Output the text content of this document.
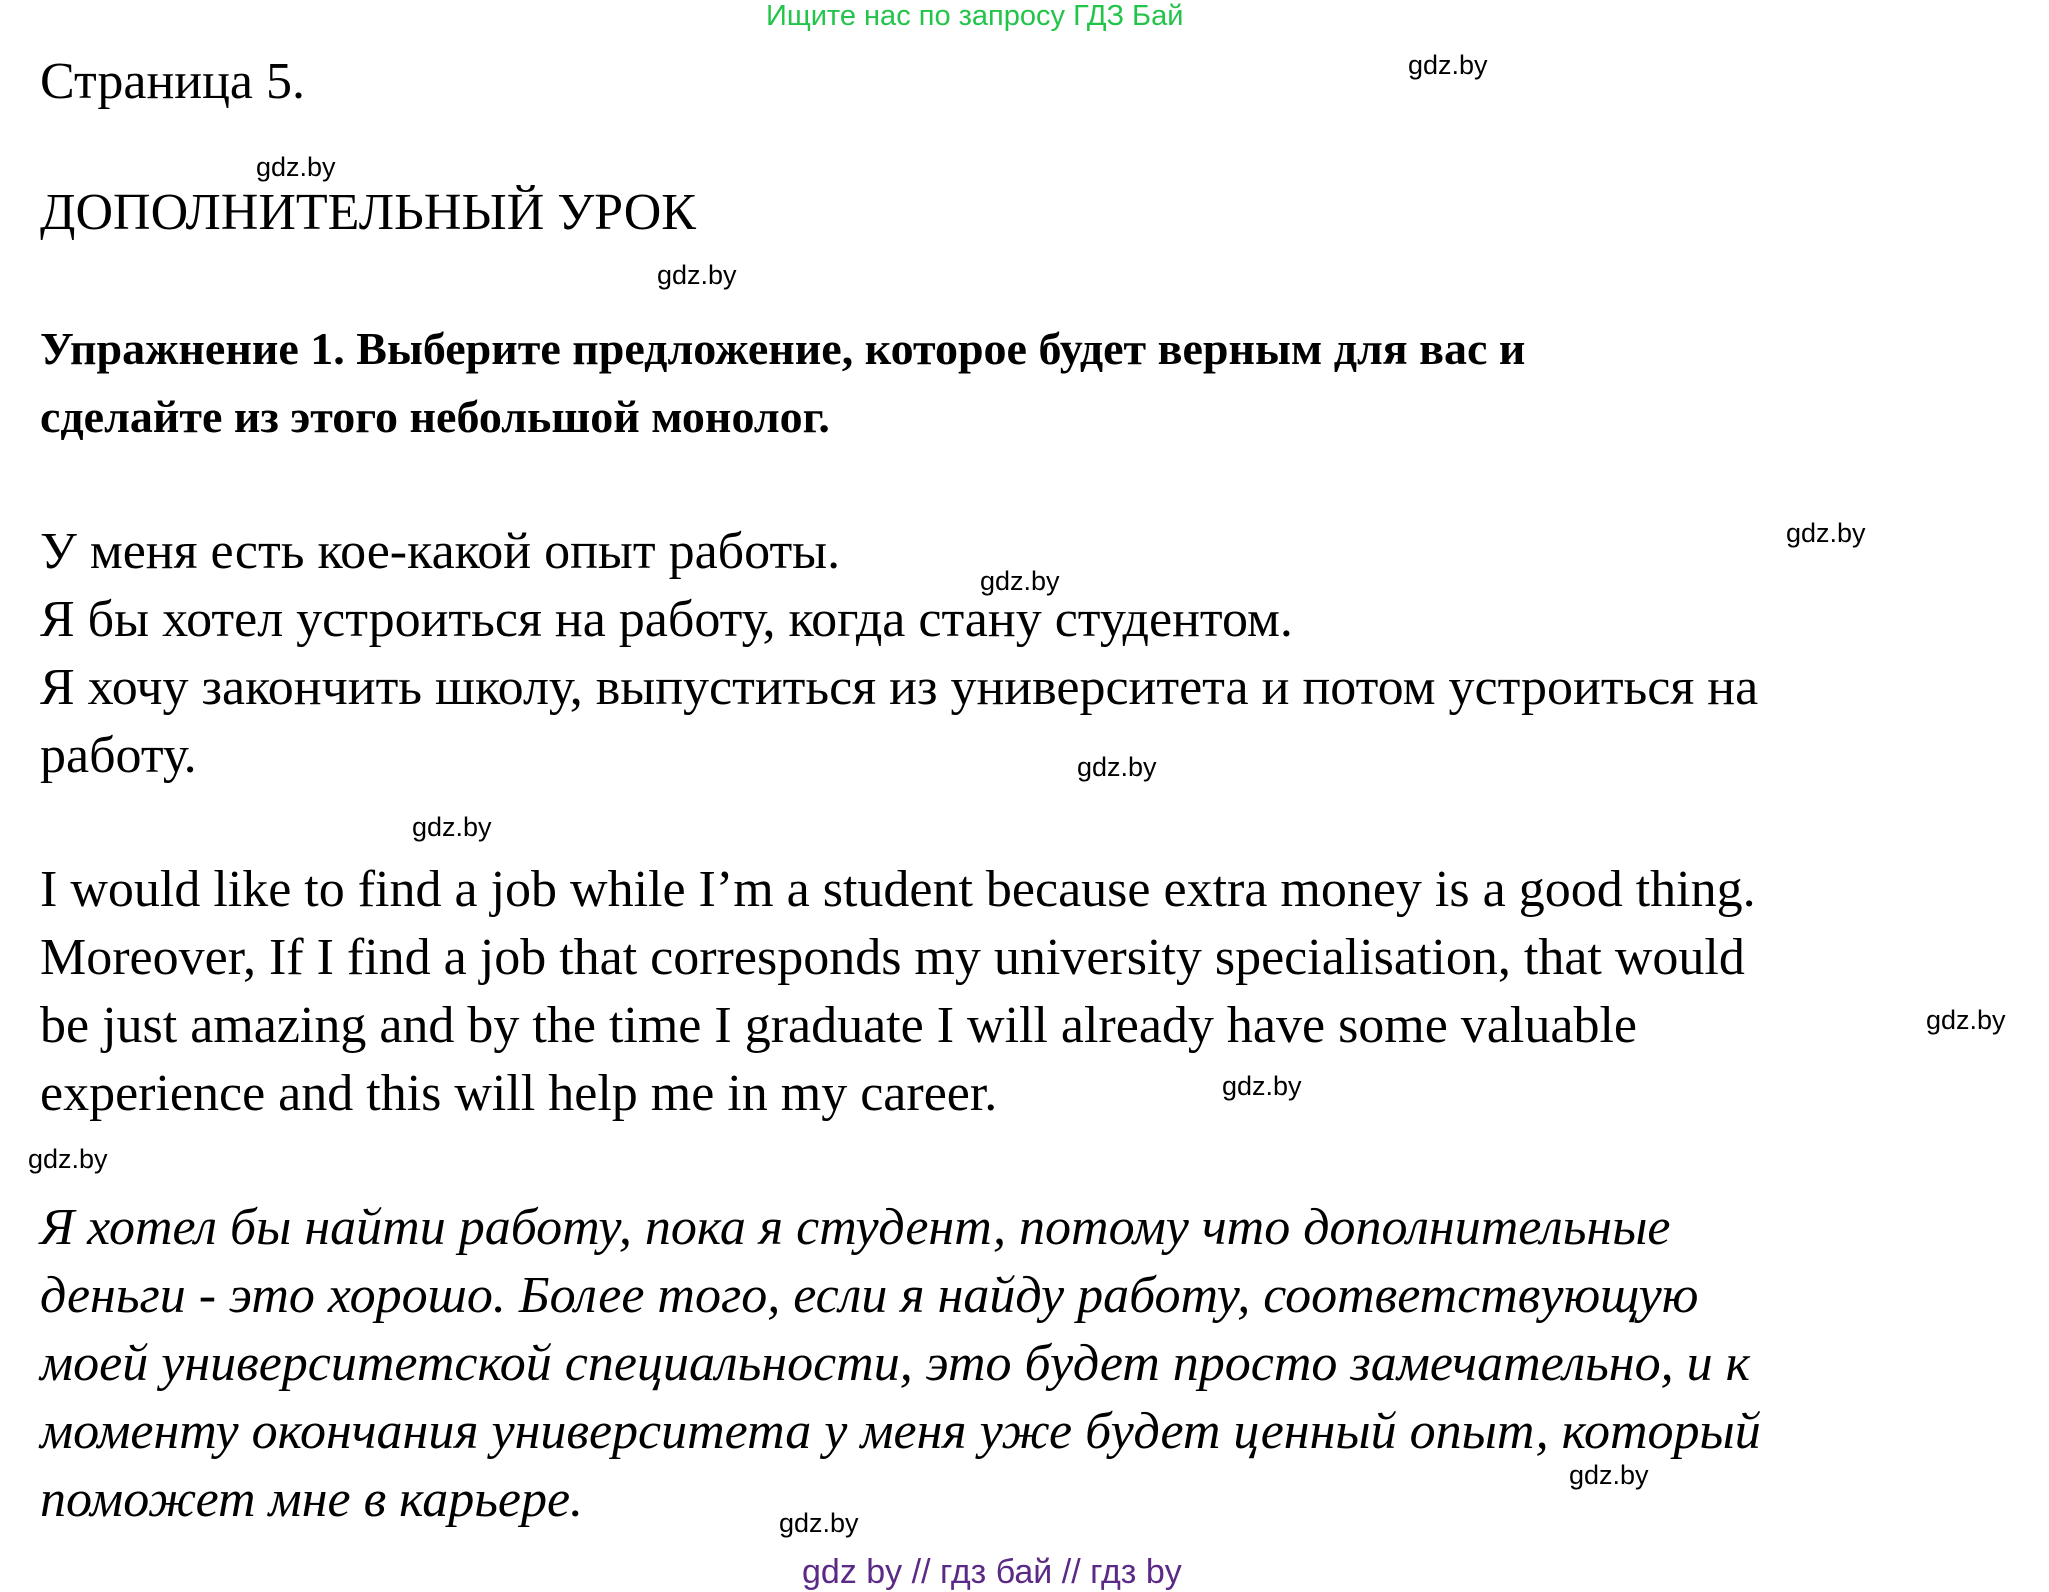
Ищите нас по запросу ГДЗ Бай
Страница 5.
ДОПОЛНИТЕЛЬНЫЙ УРОК
Упражнение 1. Выберите предложение, которое будет верным для вас и
сделайте из этого небольшой монолог.
У меня есть кое-какой опыт работы.
Я бы хотел устроиться на работу, когда стану студентом.
Я хочу закончить школу, выпуститься из университета и потом устроиться на
работу.
I would like to find a job while I’m a student because extra money is a good thing.
Moreover, If I find a job that corresponds my university specialisation, that would
be just amazing and by the time I graduate I will already have some valuable
experience and this will help me in my career.
Я хотел бы найти работу, пока я студент, потому что дополнительные
деньги - это хорошо. Более того, если я найду работу, соответствующую
моей университетской специальности, это будет просто замечательно, и к
моменту окончания университета у меня уже будет ценный опыт, который
поможет мне в карьере.
gdz.by
gdz.by
gdz.by
gdz.by
gdz.by
gdz.by
gdz.by
gdz.by
gdz.by
gdz.by
gdz.by
gdz.by
gdz by // гдз бай // гдз by
